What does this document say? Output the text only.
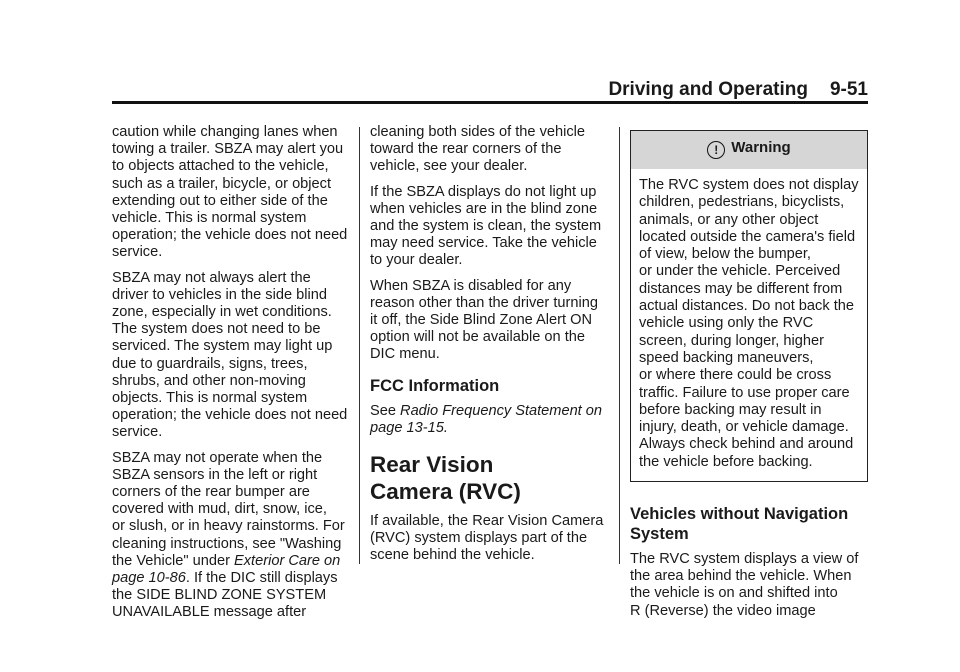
Driving and Operating 9-51

caution while changing lanes when
towing a trailer. SBZA may alert you
to objects attached to the vehicle,
such as a trailer, bicycle, or object
extending out to either side of the
vehicle. This is normal system
operation; the vehicle does not need
service.

SBZA may not always alert the
driver to vehicles in the side blind
zone, especially in wet conditions.
The system does not need to be
serviced. The system may light up
due to guardrails, signs, trees,
shrubs, and other non-moving
objects. This is normal system
operation; the vehicle does not need
service.

SBZA may not operate when the
SBZA sensors in the left or right
corners of the rear bumper are
covered with mud, dirt, snow, ice,
or slush, or in heavy rainstorms. For
cleaning instructions, see "Washing
the Vehicle" under Exterior Care on
page 10-86. If the DIC still displays
the SIDE BLIND ZONE SYSTEM
UNAVAILABLE message after

cleaning both sides of the vehicle
toward the rear corners of the
vehicle, see your dealer.

If the SBZA displays do not light up
when vehicles are in the blind zone
and the system is clean, the system
may need service. Take the vehicle
to your dealer.

When SBZA is disabled for any
reason other than the driver turning
it off, the Side Blind Zone Alert ON
option will not be available on the
DIC menu.

FCC Information

See Radio Frequency Statement on
page 13-15.

Rear Vision
Camera (RVC)

If available, the Rear Vision Camera
(RVC) system displays part of the
scene behind the vehicle.

! Warning
The RVC system does not display
children, pedestrians, bicyclists,
animals, or any other object
located outside the camera's field
of view, below the bumper,
or under the vehicle. Perceived
distances may be different from
actual distances. Do not back the
vehicle using only the RVC
screen, during longer, higher
speed backing maneuvers,
or where there could be cross
traffic. Failure to use proper care
before backing may result in
injury, death, or vehicle damage.
Always check behind and around
the vehicle before backing.
Vehicles without Navigation
System

The RVC system displays a view of
the area behind the vehicle. When
the vehicle is on and shifted into
R (Reverse) the video image
